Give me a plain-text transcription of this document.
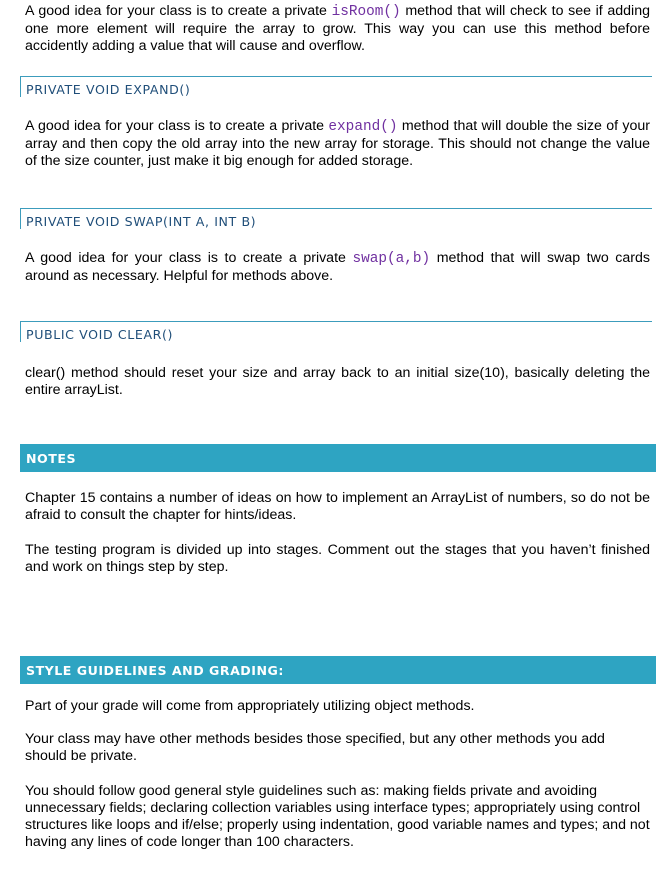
A good idea for your class is to create a private isRoom() method that will check to see if adding one more element will require the array to grow. This way you can use this method before accidently adding a value that will cause and overflow.

PRIVATE VOID EXPAND()

A good idea for your class is to create a private expand() method that will double the size of your array and then copy the old array into the new array for storage. This should not change the value of the size counter, just make it big enough for added storage.

PRIVATE VOID SWAP(INT A, INT B)

A good idea for your class is to create a private swap(a,b) method that will swap two cards around as necessary. Helpful for methods above.

PUBLIC VOID CLEAR()

clear() method should reset your size and array back to an initial size(10), basically deleting the entire arrayList.

NOTES

Chapter 15 contains a number of ideas on how to implement an ArrayList of numbers, so do not be afraid to consult the chapter for hints/ideas.

The testing program is divided up into stages. Comment out the stages that you haven’t finished and work on things step by step.

STYLE GUIDELINES AND GRADING:

Part of your grade will come from appropriately utilizing object methods.

Your class may have other methods besides those specified, but any other methods you add should be private.

You should follow good general style guidelines such as: making fields private and avoiding unnecessary fields; declaring collection variables using interface types; appropriately using control structures like loops and if/else; properly using indentation, good variable names and types; and not having any lines of code longer than 100 characters.
